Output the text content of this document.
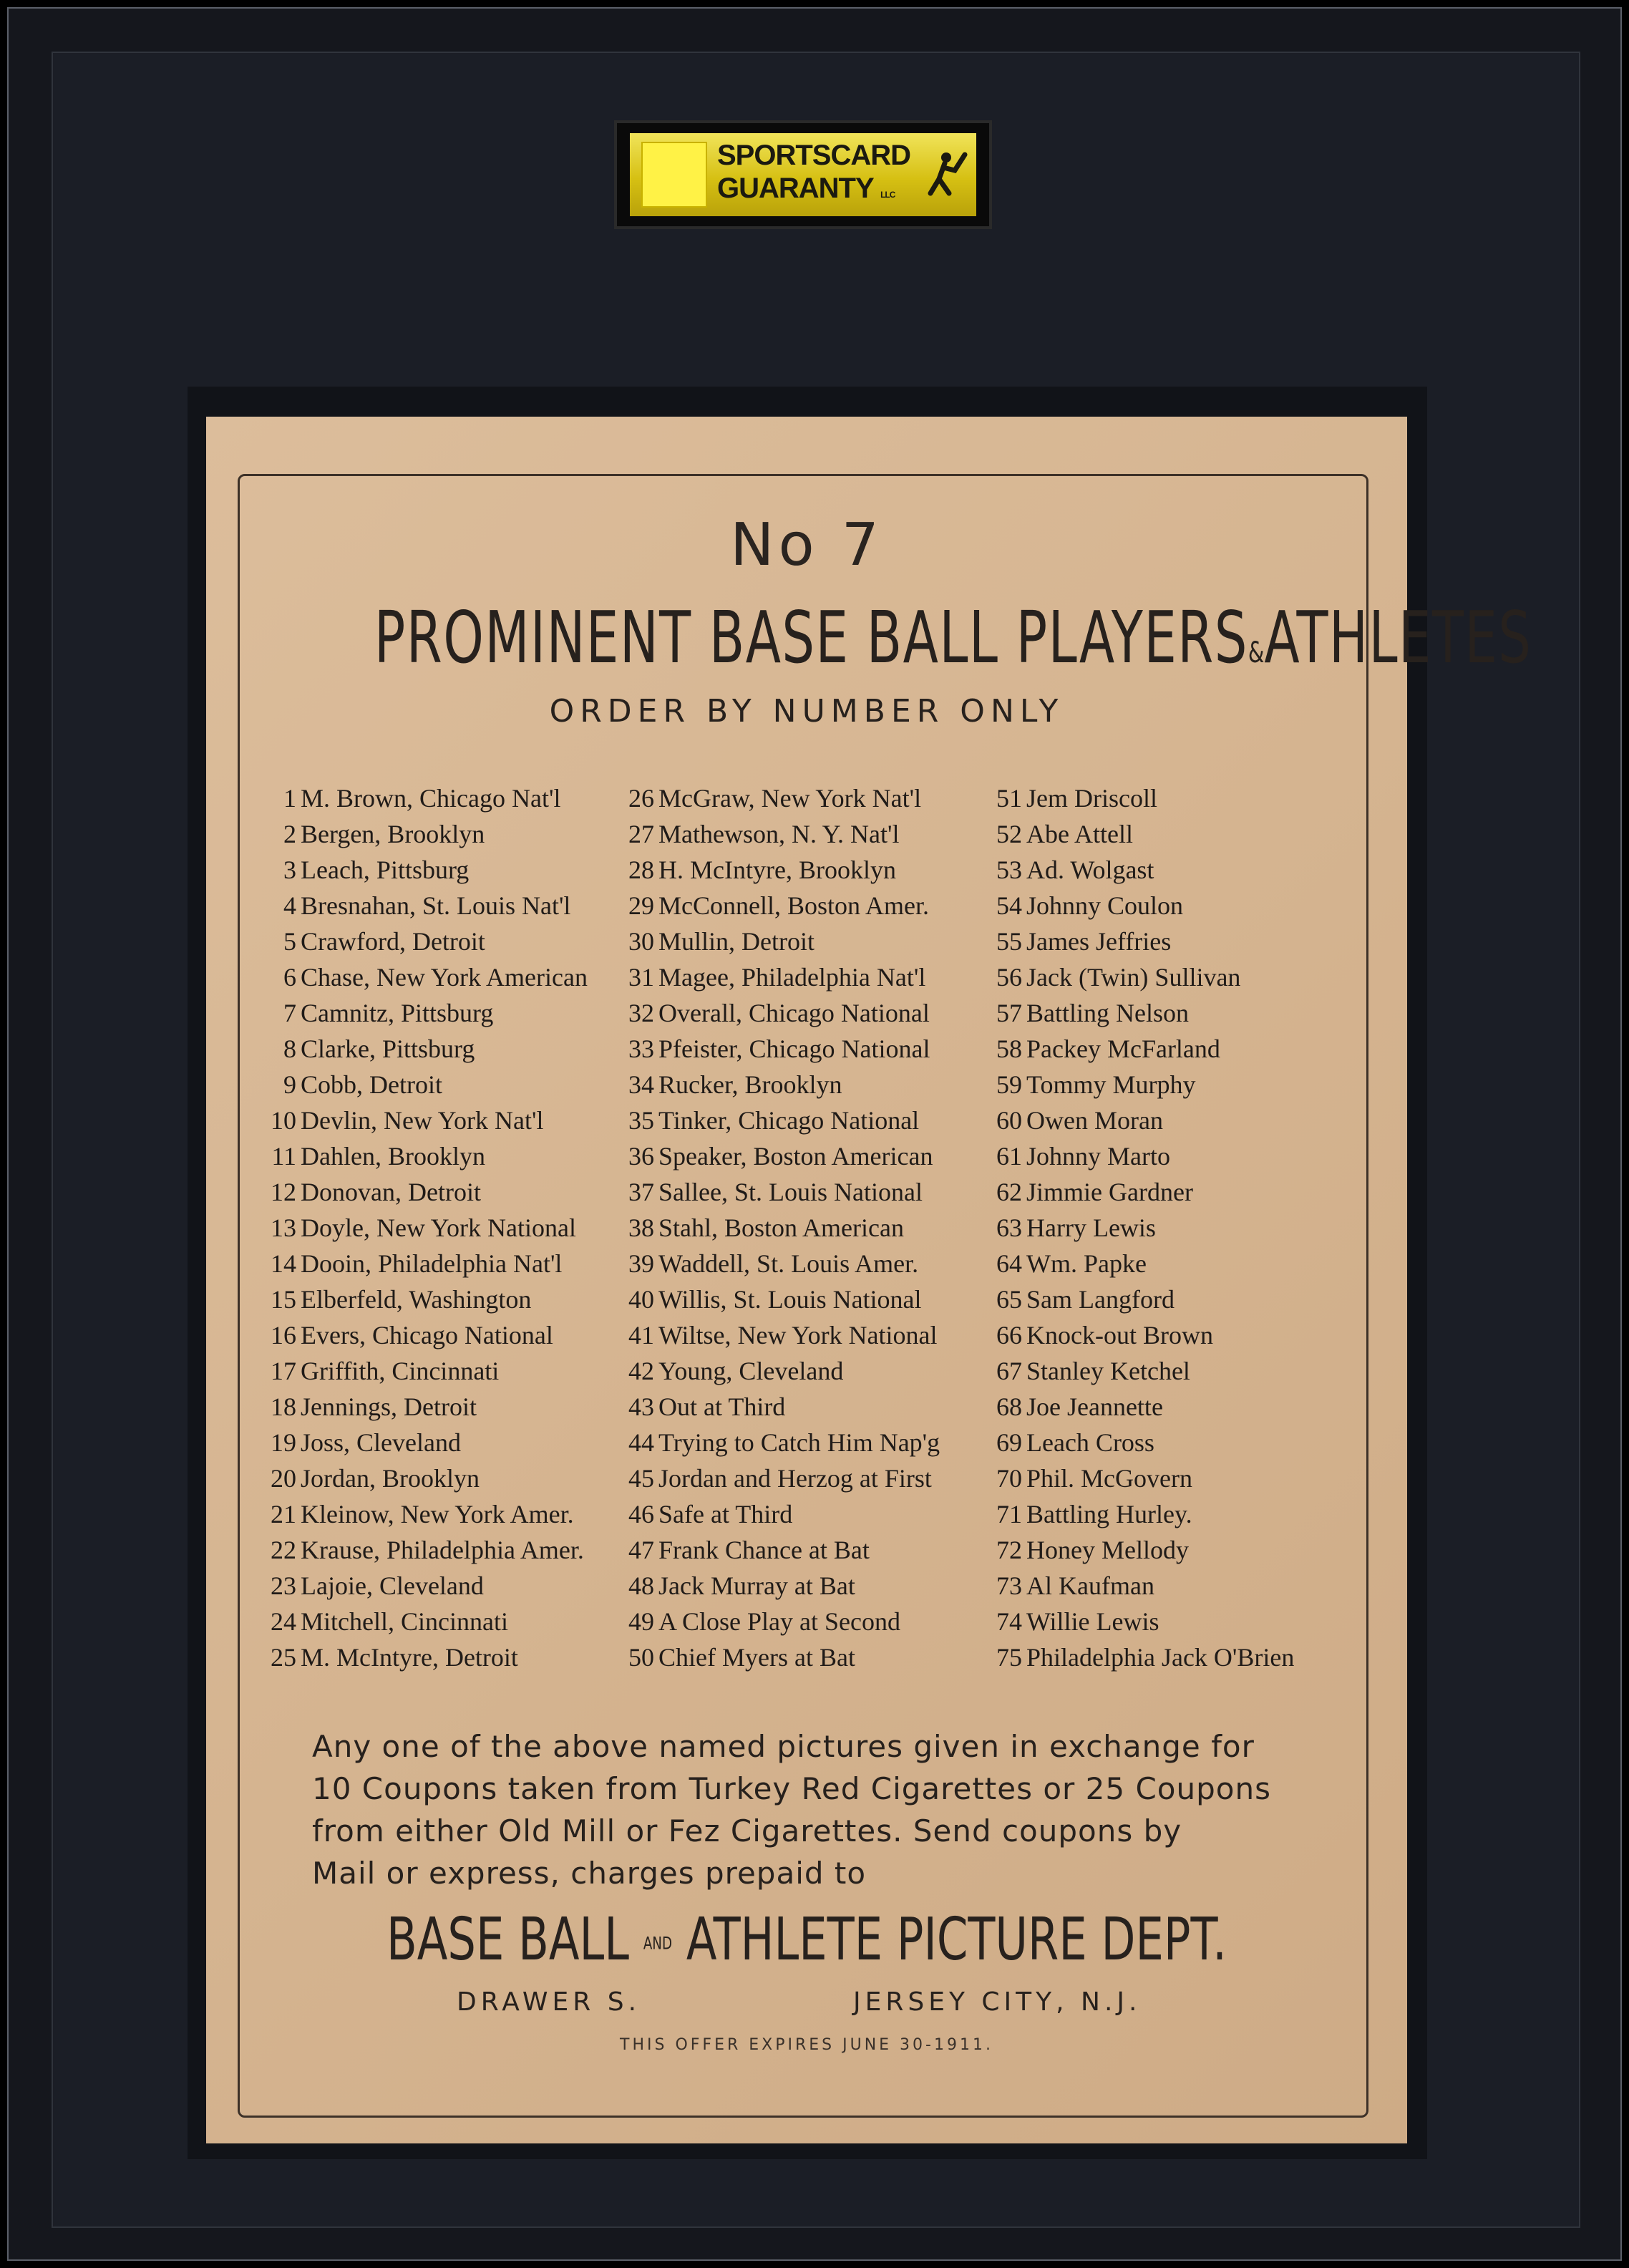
SPORTSCARD
GUARANTY LLC
No 7
PROMINENT BASE BALL PLAYERS&ATHLETES
ORDER BY NUMBER ONLY
1 M. Brown, Chicago Nat'l
2 Bergen, Brooklyn
3 Leach, Pittsburg
4 Bresnahan, St. Louis Nat'l
5 Crawford, Detroit
6 Chase, New York American
7 Camnitz, Pittsburg
8 Clarke, Pittsburg
9 Cobb, Detroit
10 Devlin, New York Nat'l
11 Dahlen, Brooklyn
12 Donovan, Detroit
13 Doyle, New York National
14 Dooin, Philadelphia Nat'l
15 Elberfeld, Washington
16 Evers, Chicago National
17 Griffith, Cincinnati
18 Jennings, Detroit
19 Joss, Cleveland
20 Jordan, Brooklyn
21 Kleinow, New York Amer.
22 Krause, Philadelphia Amer.
23 Lajoie, Cleveland
24 Mitchell, Cincinnati
25 M. McIntyre, Detroit
26 McGraw, New York Nat'l
27 Mathewson, N. Y. Nat'l
28 H. McIntyre, Brooklyn
29 McConnell, Boston Amer.
30 Mullin, Detroit
31 Magee, Philadelphia Nat'l
32 Overall, Chicago National
33 Pfeister, Chicago National
34 Rucker, Brooklyn
35 Tinker, Chicago National
36 Speaker, Boston American
37 Sallee, St. Louis National
38 Stahl, Boston American
39 Waddell, St. Louis Amer.
40 Willis, St. Louis National
41 Wiltse, New York National
42 Young, Cleveland
43 Out at Third
44 Trying to Catch Him Nap'g
45 Jordan and Herzog at First
46 Safe at Third
47 Frank Chance at Bat
48 Jack Murray at Bat
49 A Close Play at Second
50 Chief Myers at Bat
51 Jem Driscoll
52 Abe Attell
53 Ad. Wolgast
54 Johnny Coulon
55 James Jeffries
56 Jack (Twin) Sullivan
57 Battling Nelson
58 Packey McFarland
59 Tommy Murphy
60 Owen Moran
61 Johnny Marto
62 Jimmie Gardner
63 Harry Lewis
64 Wm. Papke
65 Sam Langford
66 Knock-out Brown
67 Stanley Ketchel
68 Joe Jeannette
69 Leach Cross
70 Phil. McGovern
71 Battling Hurley.
72 Honey Mellody
73 Al Kaufman
74 Willie Lewis
75 Philadelphia Jack O'Brien
Any one of the above named pictures given in exchange for
10 Coupons taken from Turkey Red Cigarettes or 25 Coupons
from either Old Mill or Fez Cigarettes. Send coupons by
Mail or express, charges prepaid to
BASE BALL AND ATHLETE PICTURE DEPT.
DRAWER S.	JERSEY CITY, N.J.
THIS OFFER EXPIRES JUNE 30-1911.
